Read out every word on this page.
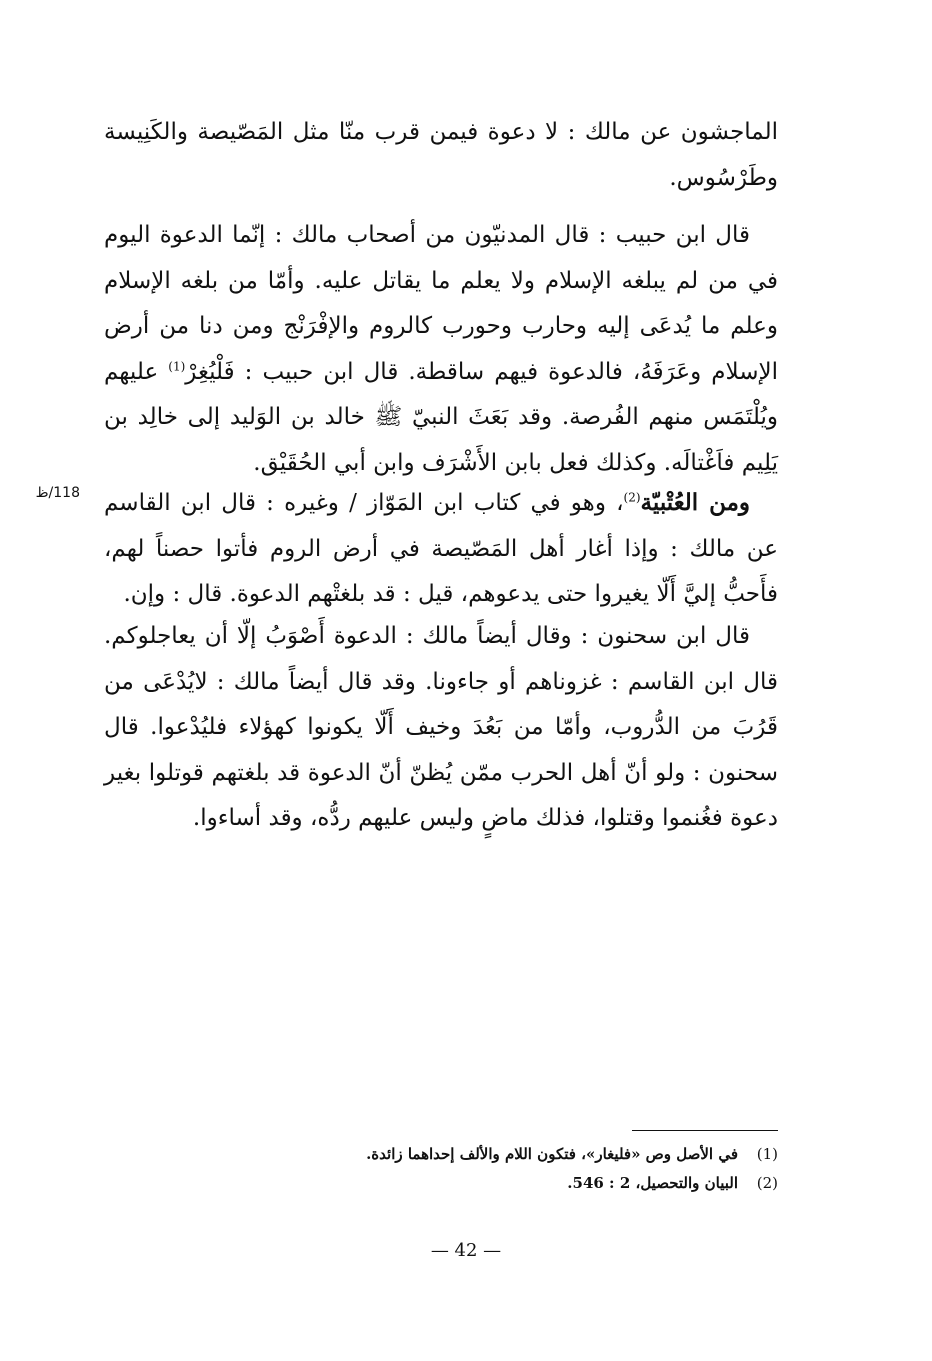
الماجشون عن مالك : لا دعوة فيمن قرب منّا مثل المَصّيصة والكَنِيسة وطَرْسُوس.
قال ابن حبيب : قال المدنيّون من أصحاب مالك : إنّما الدعوة اليوم في من لم يبلغه الإسلام ولا يعلم ما يقاتل عليه. وأمّا من بلغه الإسلام وعلم ما يُدعَى إليه وحارب وحورب كالروم والإفْرَنْج ومن دنا من أرض الإسلام وعَرَفَهُ، فالدعوة فيهم ساقطة. قال ابن حبيب : فَلْيُغِرْ$^{(1)}$ عليهم ويُلْتَمَس منهم الفُرصة. وقد بَعَثَ النبيّ ﷺ خالد بن الوَليد إلى خالِد بن يَلِيم فاَغْتالَه. وكذلك فعل بابن الأَشْرَف وابن أبي الحُقَيْق.
118/ظ	ومن العُتْبيّة$^{(2)}$، وهو في كتاب ابن المَوّاز / وغيره : قال ابن القاسم عن مالك : وإذا أغار أهل المَصّيصة في أرض الروم فأتوا حصناً لهم، فأَحبُّ إليَّ أَلّا يغيروا حتى يدعوهم، قيل : قد بلغتْهم الدعوة. قال : وإن.
قال ابن سحنون : وقال أيضاً مالك : الدعوة أَصْوَبُ إلّا أن يعاجلوكم. قال ابن القاسم : غزوناهم أو جاءونا. وقد قال أيضاً مالك : لايُدْعَى من قَرُبَ من الدُّروب، وأمّا من بَعُدَ وخيف أَلّا يكونوا كهؤلاء فليُدْعوا. قال سحنون : ولو أنّ أهل الحرب ممّن يُظنّ أنّ الدعوة قد بلغتهم قوتلوا بغير دعوة فغُنموا وقتلوا، فذلك ماضٍ وليس عليهم ردُّه، وقد أساءوا.
(1)
في الأصل وص «فليغار»، فتكون اللام والألف إحداهما زائدة.
(2)
البيان والتحصيل، 2 : 546.
— 42 —
